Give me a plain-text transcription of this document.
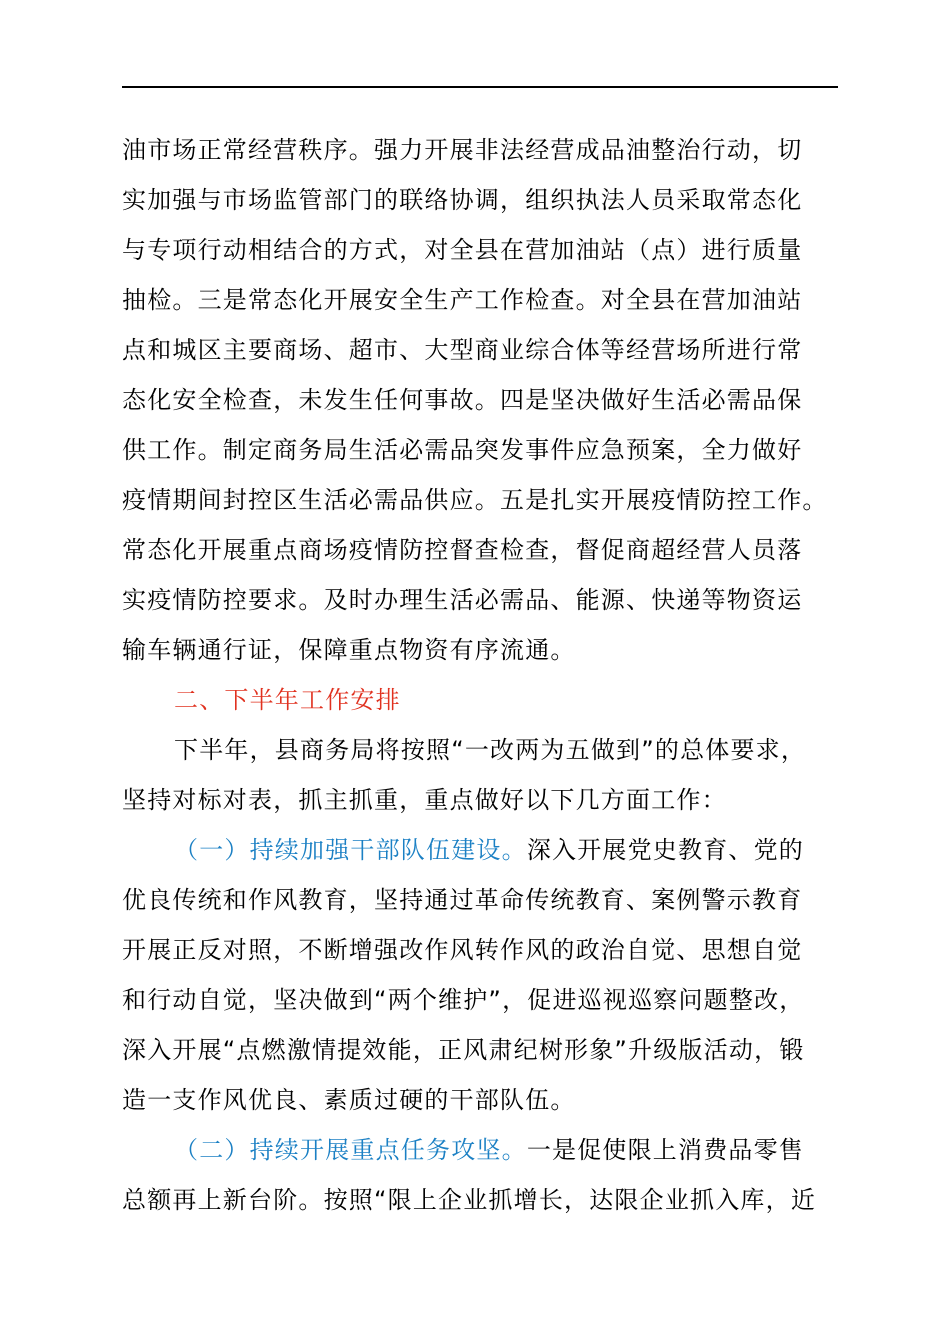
油市场正常经营秩序。强力开展非法经营成品油整治行动，切
实加强与市场监管部门的联络协调，组织执法人员采取常态化
与专项行动相结合的方式，对全县在营加油站（点）进行质量
抽检。三是常态化开展安全生产工作检查。对全县在营加油站
点和城区主要商场、超市、大型商业综合体等经营场所进行常
态化安全检查，未发生任何事故。四是坚决做好生活必需品保
供工作。制定商务局生活必需品突发事件应急预案，全力做好
疫情期间封控区生活必需品供应。五是扎实开展疫情防控工作。
常态化开展重点商场疫情防控督查检查，督促商超经营人员落
实疫情防控要求。及时办理生活必需品、能源、快递等物资运
输车辆通行证，保障重点物资有序流通。
二、下半年工作安排
下半年，县商务局将按照“一改两为五做到”的总体要求，
坚持对标对表，抓主抓重，重点做好以下几方面工作：
（一）持续加强干部队伍建设。深入开展党史教育、党的
优良传统和作风教育，坚持通过革命传统教育、案例警示教育
开展正反对照，不断增强改作风转作风的政治自觉、思想自觉
和行动自觉，坚决做到“两个维护”，促进巡视巡察问题整改，
深入开展“点燃激情提效能，正风肃纪树形象”升级版活动，锻
造一支作风优良、素质过硬的干部队伍。
（二）持续开展重点任务攻坚。一是促使限上消费品零售
总额再上新台阶。按照“限上企业抓增长，达限企业抓入库，近
